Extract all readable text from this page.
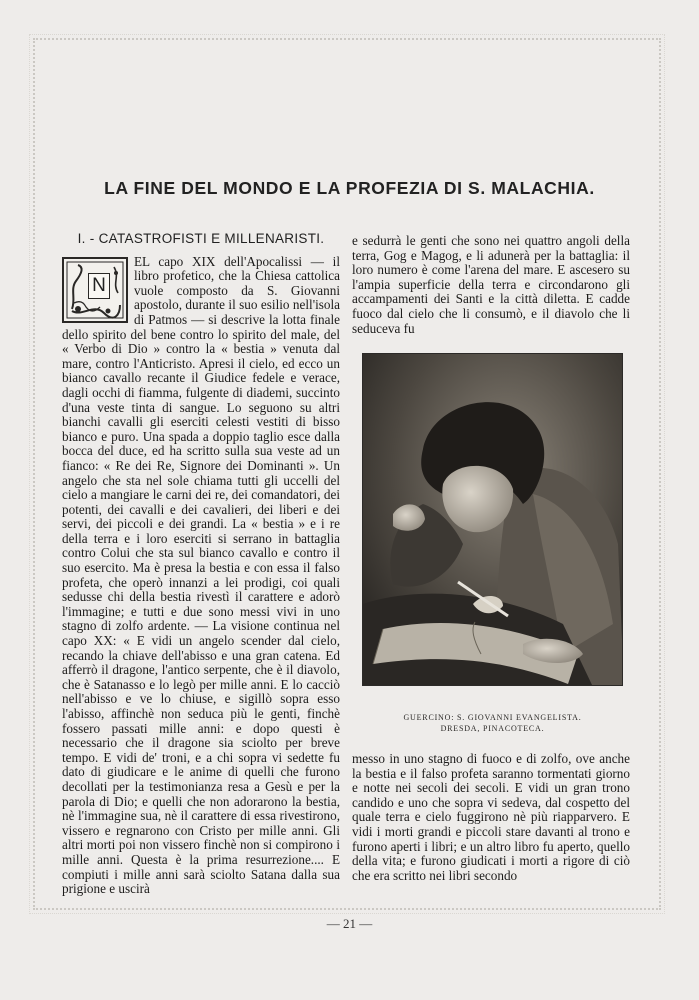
LA FINE DEL MONDO E LA PROFEZIA DI S. MALACHIA.
I. - CATASTROFISTI E MILLENARISTI.
N

EL capo XIX dell'Apocalissi — il libro profetico, che la Chiesa cattolica vuole composto da S. Giovanni apostolo, durante il suo esilio nell'isola di Patmos — si descrive la lotta finale dello spirito del bene contro lo spirito del male, del « Verbo di Dio » contro la « bestia » venuta dal mare, contro l'Anticristo. Apresi il cielo, ed ecco un bianco cavallo recante il Giudice fedele e verace, dagli occhi di fiamma, fulgente di diademi, succinto d'una veste tinta di sangue. Lo seguono su altri bianchi cavalli gli eserciti celesti vestiti di bisso bianco e puro. Una spada a doppio taglio esce dalla bocca del duce, ed ha scritto sulla sua veste ad un fianco: « Re dei Re, Signore dei Dominanti ». Un angelo che sta nel sole chiama tutti gli uccelli del cielo a mangiare le carni dei re, dei comandatori, dei potenti, dei cavalli e dei cavalieri, dei liberi e dei servi, dei piccoli e dei grandi. La « bestia » e i re della terra e i loro eserciti si serrano in battaglia contro Colui che sta sul bianco cavallo e contro il suo esercito. Ma è presa la bestia e con essa il falso profeta, che operò innanzi a lei prodigi, coi quali sedusse chi della bestia rivestì il carattere e adorò l'immagine; e tutti e due sono messi vivi in uno stagno di zolfo ardente. — La visione continua nel capo XX: « E vidi un angelo scender dal cielo, recando la chiave dell'abisso e una gran catena. Ed afferrò il dragone, l'antico serpente, che è il diavolo, che è Satanasso e lo legò per mille anni. E lo cacciò nell'abisso e ve lo chiuse, e sigillò sopra esso l'abisso, affinchè non seduca più le genti, finchè fossero passati mille anni: e dopo questi è necessario che il dragone sia sciolto per breve tempo. E vidi de' troni, e a chi sopra vi sedette fu dato di giudicare e le anime di quelli che furono decollati per la testimonianza resa a Gesù e per la parola di Dio; e quelli che non adorarono la bestia, nè l'immagine sua, nè il carattere di essa rivestirono, vissero e regnarono con Cristo per mille anni. Gli altri morti poi non vissero finchè non si compirono i mille anni. Questa è la prima resurrezione.... E compiuti i mille anni sarà sciolto Satana dalla sua prigione e uscirà

e sedurrà le genti che sono nei quattro angoli della terra, Gog e Magog, e li adunerà per la battaglia: il loro numero è come l'arena del mare. E ascesero su l'ampia superficie della terra e circondarono gli accampamenti dei Santi e la città diletta. E cadde fuoco dal cielo che li consumò, e il diavolo che li seduceva fu

GUERCINO: S. GIOVANNI EVANGELISTA.
DRESDA, PINACOTECA.

messo in uno stagno di fuoco e di zolfo, ove anche la bestia e il falso profeta saranno tormentati giorno e notte nei secoli dei secoli. E vidi un gran trono candido e uno che sopra vi sedeva, dal cospetto del quale terra e cielo fuggirono nè più riapparvero. E vidi i morti grandi e piccoli stare davanti al trono e furono aperti i libri; e un altro libro fu aperto, quello della vita; e furono giudicati i morti a rigore di ciò che era scritto nei libri secondo

— 21 —
